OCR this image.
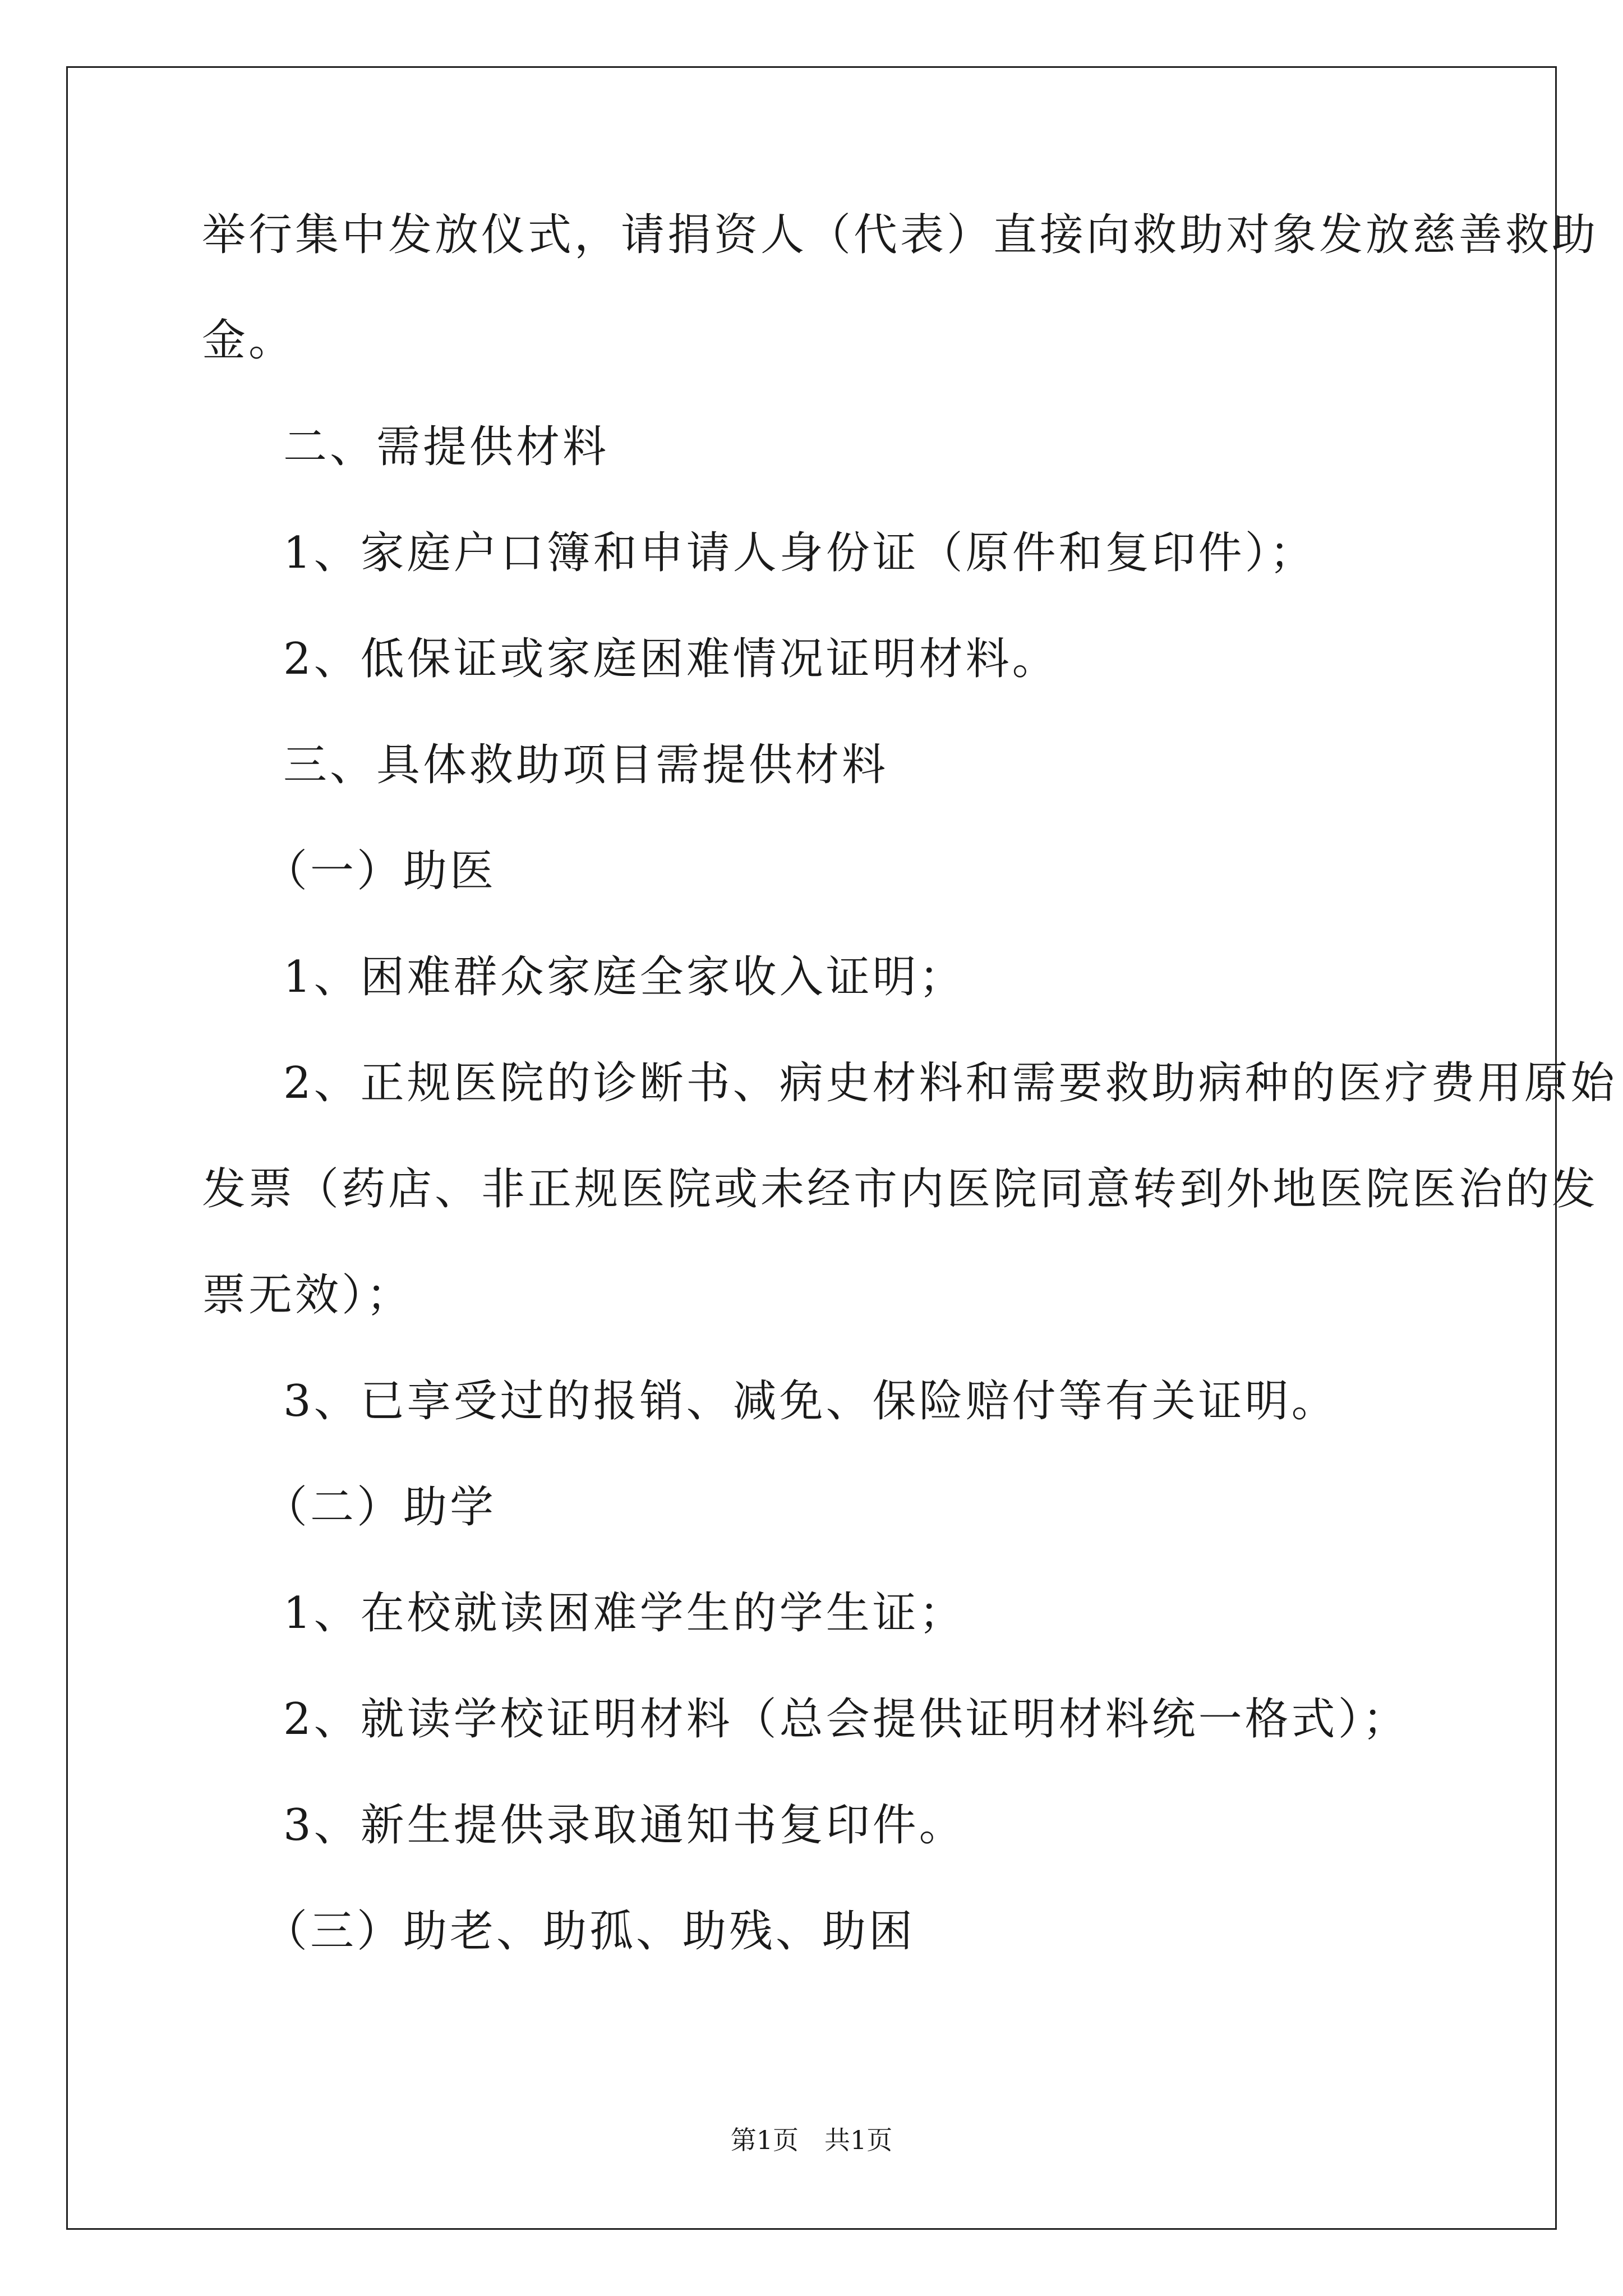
举行集中发放仪式，请捐资人（代表）直接向救助对象发放慈善救助
金。
二、需提供材料
1、家庭户口簿和申请人身份证（原件和复印件）；
2、低保证或家庭困难情况证明材料。
三、具体救助项目需提供材料
（一）助医
1、困难群众家庭全家收入证明；
2、正规医院的诊断书、病史材料和需要救助病种的医疗费用原始
发票（药店、非正规医院或未经市内医院同意转到外地医院医治的发
票无效）；
3、已享受过的报销、减免、保险赔付等有关证明。
（二）助学
1、在校就读困难学生的学生证；
2、就读学校证明材料（总会提供证明材料统一格式）；
3、新生提供录取通知书复印件。
（三）助老、助孤、助残、助困
第1页　共1页
